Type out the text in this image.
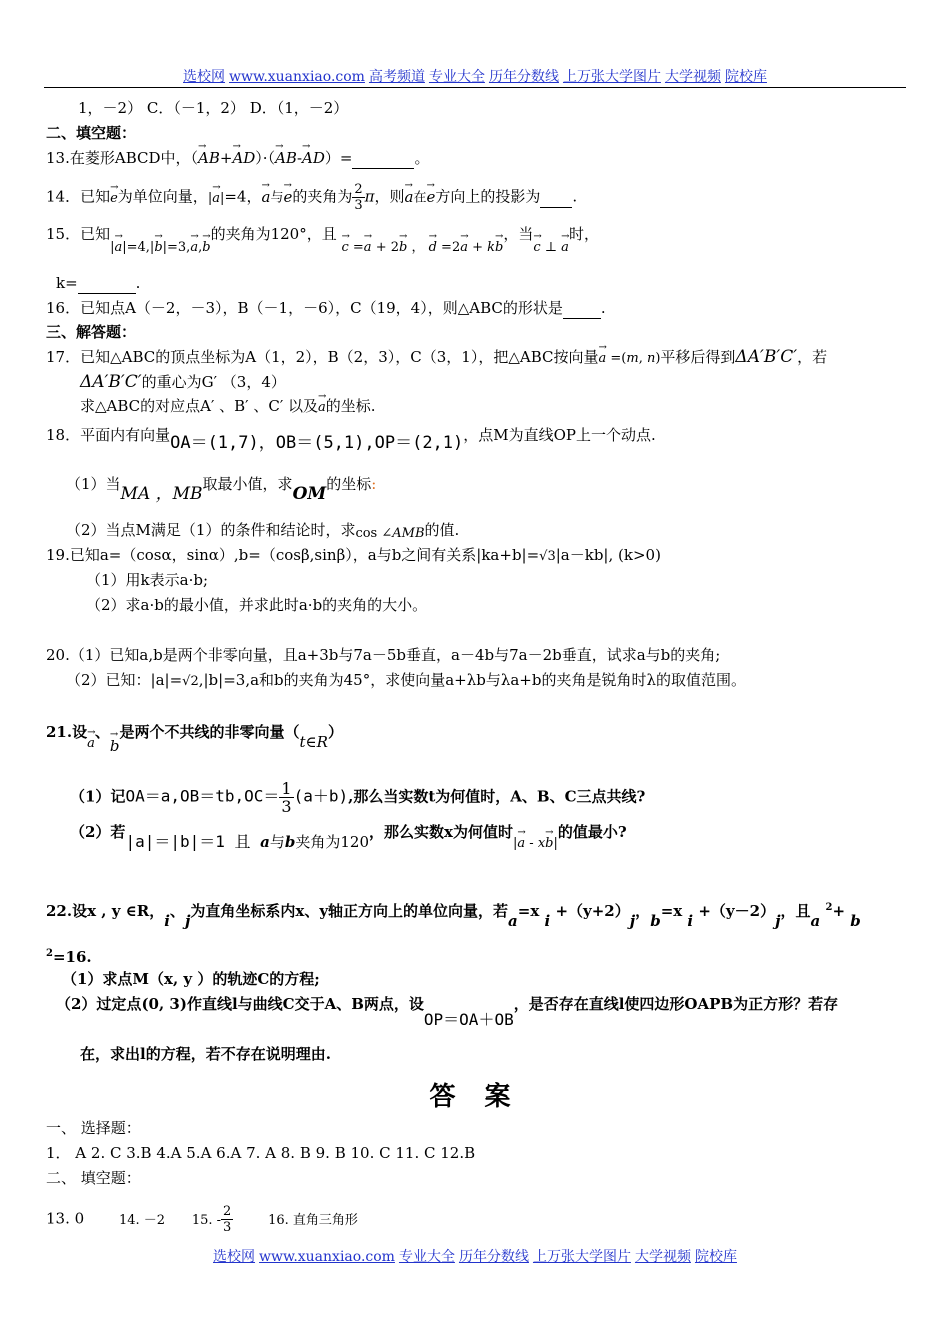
选校网 www.xuanxiao.com 高考频道 专业大全 历年分数线 上万张大学图片 大学视频 院校库
1，－2） C．（－1，2） D．（1，－2）
二、填空题：
13.在菱形ABCD中，（→ AB+→ AD）·（→ AB-→ AD）=	。
14．已知→ e为单位向量，|→ a|=4，→ a与→ e的夹角为 $\frac{2}{3}$ π，则→ a在→ e方向上的投影为 .
15．已知|→ a|=4,|→ b|=3,→ a,→ b的夹角为120°，且 → c =→ a + 2→ b ， → d =2→ a + k→ b，当→ c ⊥ → a时，
k=	.
16．已知点A（－2，－3），B（－1，－6），C（19，4），则△ABC的形状是	.
三、解答题：
17．已知△ABC的顶点坐标为A（1，2），B（2，3），C（3，1），把△ABC按向量→ a =(m, n)平移后得到ΔA′B′C′，若
ΔA′B′C′的重心为G′ （3，4）
求△ABC的对应点A′ 、B′ 、C′ 以及→ a的坐标.
18．平面内有向量OA＝(1,7)，OB＝(5,1),OP＝(2,1)，点M为直线OP上一个动点.
（1）当MA ，MB取最小值，求OM的坐标:
（2）当点M满足（1）的条件和结论时，求cos ∠AMB的值.
19.已知a=（cosα，sinα）,b=（cosβ,sinβ），a与b之间有关系|ka+b|=√3|a－kb|, (k>0)
（1）用k表示a·b;
（2）求a·b的最小值，并求此时a·b的夹角的大小。
20.（1）已知a,b是两个非零向量，且a+3b与7a－5b垂直，a－4b与7a－2b垂直，试求a与b的夹角;
（2）已知：|a|=√2,|b|=3,a和b的夹角为45°，求使向量a+λb与λa+b的夹角是锐角时λ的取值范围。
21.设→ a、→ b是两个不共线的非零向量（t∈R）
（1）记$OA=a,OB=tb,OC= \frac{1}{3} (a+b)$,那么当实数t为何值时，A、B、C三点共线?
（2）若|a|＝|b|＝1 且 a与b夹角为120，那么实数x为何值时|→ a - x→ b|的值最小?
22.设x , y ∈R，i、j为直角坐标系内x、y轴正方向上的单位向量，若a=x i +（y+2）j，b=x i +（y－2）j，且a $^2$+ b
$^2$=16.
（1）求点M（x, y ）的轨迹C的方程;
（2）过定点(0, 3)作直线l与曲线C交于A、B两点，设OP＝OA＋OB，是否存在直线l使四边形OAPB为正方形？若存
在，求出l的方程，若不存在说明理由.
答 案
一、 选择题：
1． A 2. C 3.B 4.A 5.A 6.A 7. A 8. B 9. B 10. C 11. C 12.B
二、 填空题：
13. 0	14. －2 15. - $\frac{2}{3}$	16. 直角三角形
选校网 www.xuanxiao.com 专业大全 历年分数线 上万张大学图片 大学视频 院校库
